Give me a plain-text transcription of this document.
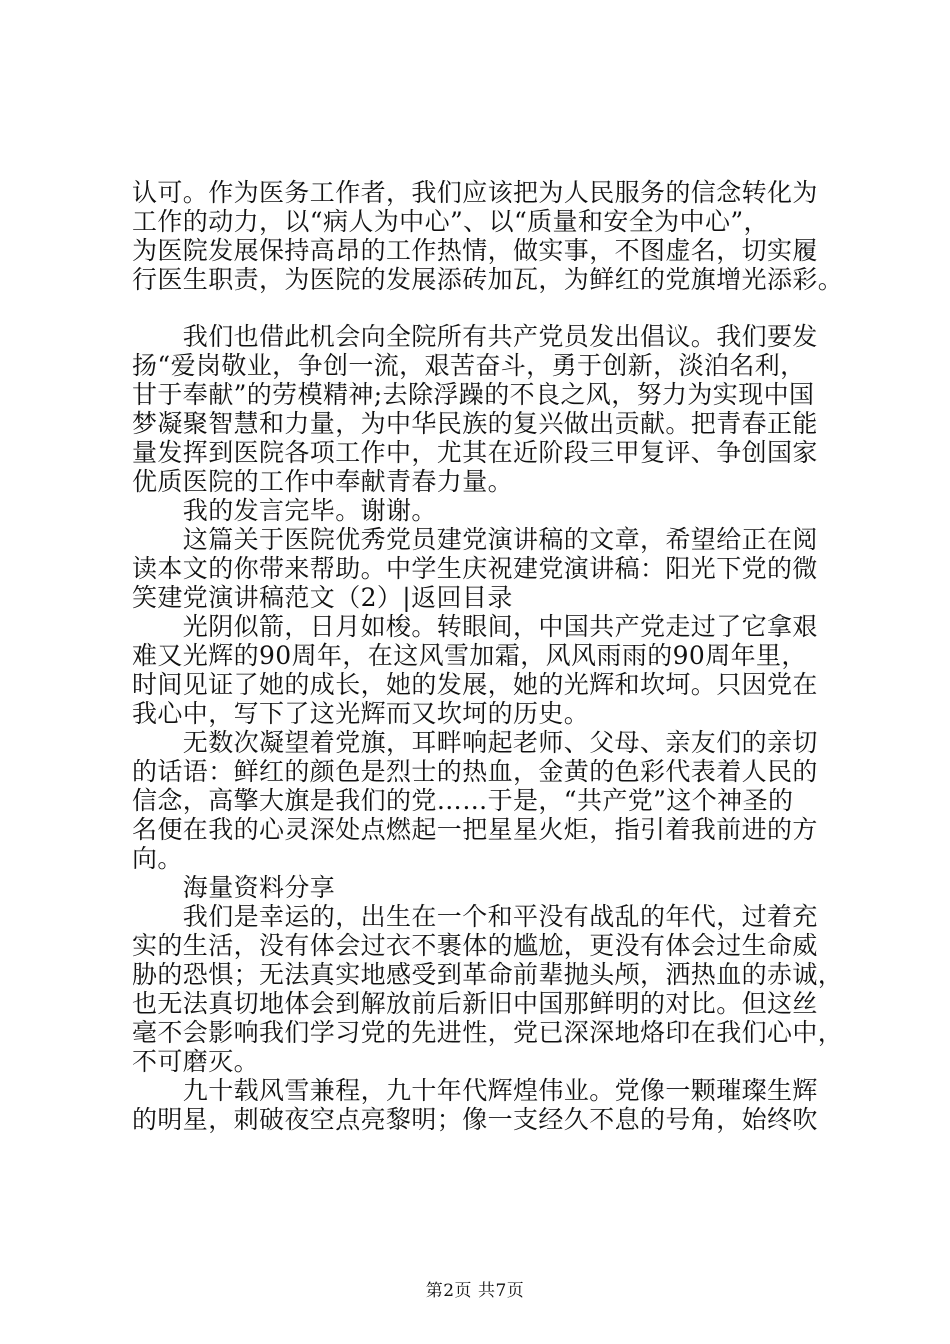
认可。作为医务工作者，我们应该把为人民服务的信念转化为
工作的动力，以“病人为中心”、以“质量和安全为中心”，
为医院发展保持高昂的工作热情，做实事，不图虚名，切实履
行医生职责，为医院的发展添砖加瓦，为鲜红的党旗增光添彩。
　　我们也借此机会向全院所有共产党员发出倡议。我们要发
扬“爱岗敬业，争创一流，艰苦奋斗，勇于创新，淡泊名利，
甘于奉献”的劳模精神;去除浮躁的不良之风，努力为实现中国
梦凝聚智慧和力量，为中华民族的复兴做出贡献。把青春正能
量发挥到医院各项工作中，尤其在近阶段三甲复评、争创国家
优质医院的工作中奉献青春力量。
　　我的发言完毕。谢谢。
　　这篇关于医院优秀党员建党演讲稿的文章，希望给正在阅
读本文的你带来帮助。中学生庆祝建党演讲稿：阳光下党的微
笑建党演讲稿范文（2）|返回目录
　　光阴似箭，日月如梭。转眼间，中国共产党走过了它拿艰
难又光辉的90周年，在这风雪加霜，风风雨雨的90周年里，
时间见证了她的成长，她的发展，她的光辉和坎坷。只因党在
我心中，写下了这光辉而又坎坷的历史。
　　无数次凝望着党旗，耳畔响起老师、父母、亲友们的亲切
的话语：鲜红的颜色是烈士的热血，金黄的色彩代表着人民的
信念，高擎大旗是我们的党……于是，“共产党”这个神圣的
名便在我的心灵深处点燃起一把星星火炬，指引着我前进的方
向。
　　海量资料分享
　　我们是幸运的，出生在一个和平没有战乱的年代，过着充
实的生活，没有体会过衣不裹体的尴尬，更没有体会过生命威
胁的恐惧；无法真实地感受到革命前辈抛头颅，洒热血的赤诚，
也无法真切地体会到解放前后新旧中国那鲜明的对比。但这丝
毫不会影响我们学习党的先进性，党已深深地烙印在我们心中，
不可磨灭。
　　九十载风雪兼程，九十年代辉煌伟业。党像一颗璀璨生辉
的明星，刺破夜空点亮黎明；像一支经久不息的号角，始终吹
第2页 共7页
